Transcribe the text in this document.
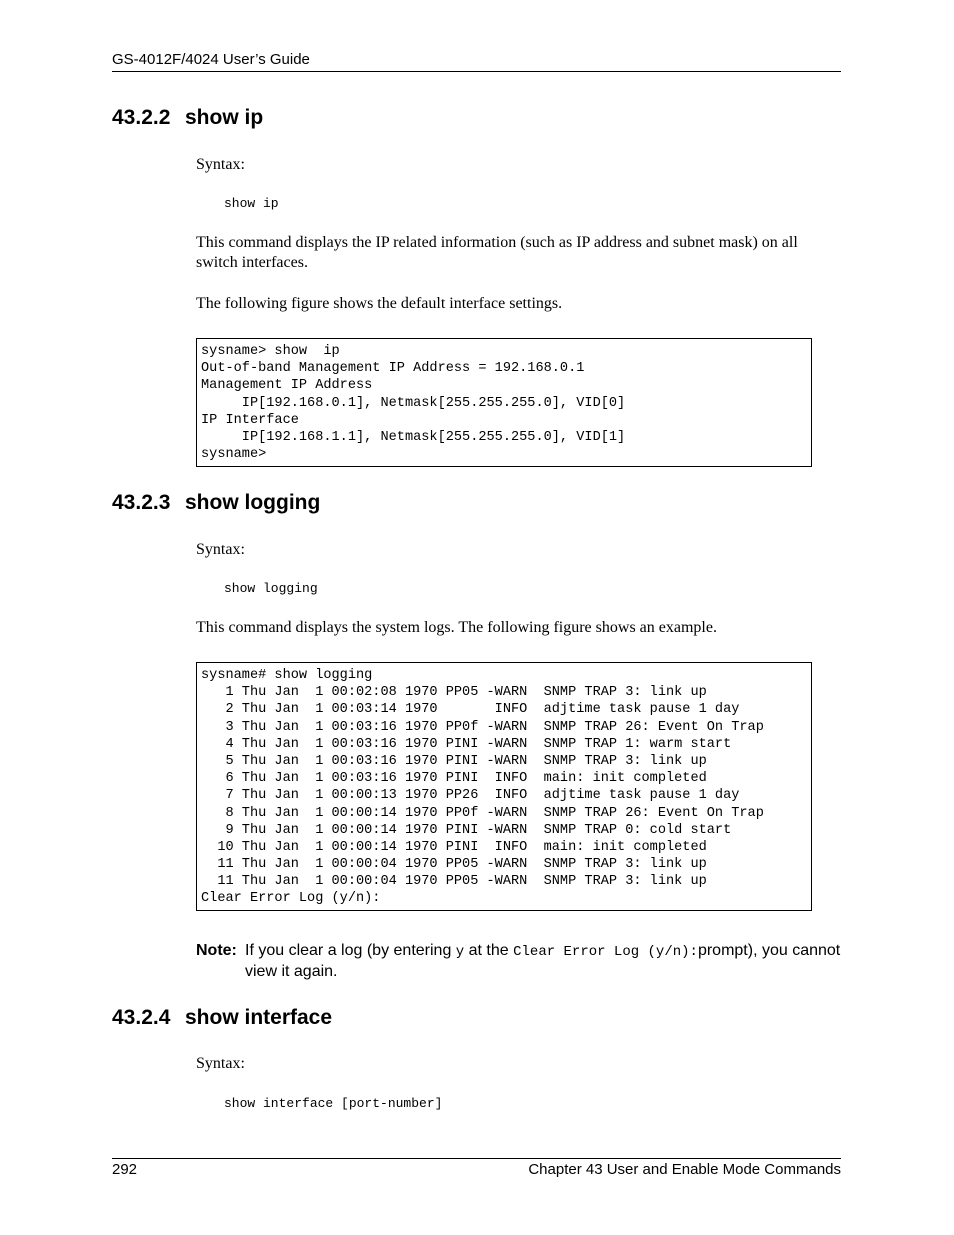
GS-4012F/4024 User’s Guide
43.2.2 show ip
Syntax:
show ip
This command displays the IP related information (such as IP address and subnet mask) on all switch interfaces.
The following figure shows the default interface settings.
sysname> show  ip
Out-of-band Management IP Address = 192.168.0.1
Management IP Address
IP[192.168.0.1], Netmask[255.255.255.0], VID[0]
IP Interface
IP[192.168.1.1], Netmask[255.255.255.0], VID[1]
sysname>
43.2.3 show logging
Syntax:
show logging
This command displays the system logs. The following figure shows an example.
sysname# show logging
1 Thu Jan  1 00:02:08 1970 PP05 -WARN  SNMP TRAP 3: link up
2 Thu Jan  1 00:03:14 1970       INFO  adjtime task pause 1 day
3 Thu Jan  1 00:03:16 1970 PP0f -WARN  SNMP TRAP 26: Event On Trap
4 Thu Jan  1 00:03:16 1970 PINI -WARN  SNMP TRAP 1: warm start
5 Thu Jan  1 00:03:16 1970 PINI -WARN  SNMP TRAP 3: link up
6 Thu Jan  1 00:03:16 1970 PINI  INFO  main: init completed
7 Thu Jan  1 00:00:13 1970 PP26  INFO  adjtime task pause 1 day
8 Thu Jan  1 00:00:14 1970 PP0f -WARN  SNMP TRAP 26: Event On Trap
9 Thu Jan  1 00:00:14 1970 PINI -WARN  SNMP TRAP 0: cold start
10 Thu Jan  1 00:00:14 1970 PINI  INFO  main: init completed
11 Thu Jan  1 00:00:04 1970 PP05 -WARN  SNMP TRAP 3: link up
11 Thu Jan  1 00:00:04 1970 PP05 -WARN  SNMP TRAP 3: link up
Clear Error Log (y/n):
Note: If you clear a log (by entering y at the Clear Error Log (y/n):prompt), you cannot view it again.
43.2.4 show interface
Syntax:
show interface [port-number]
292	Chapter 43 User and Enable Mode Commands
